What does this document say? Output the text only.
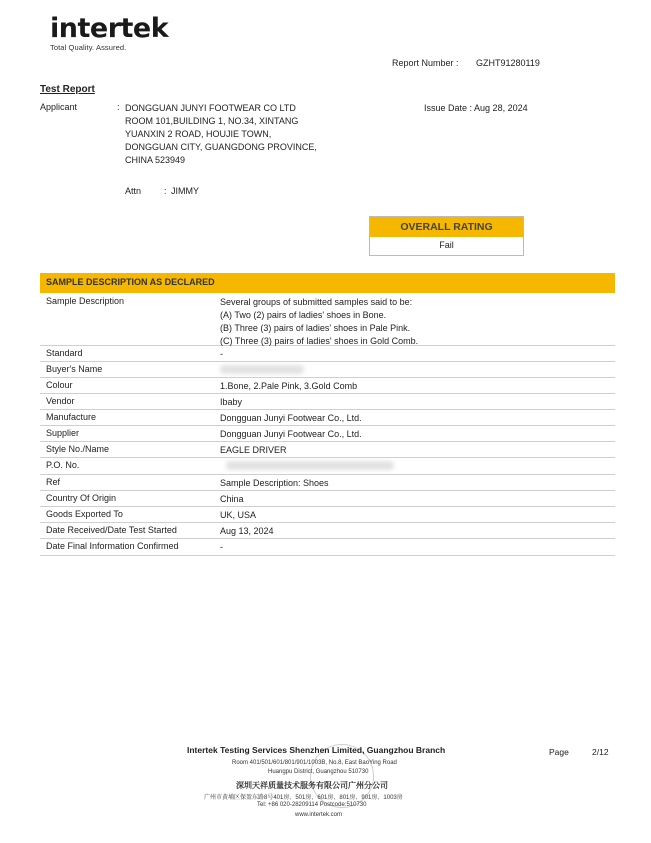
intertek
Total Quality. Assured.
Report Number : GZHT91280119
Test Report
Applicant	: DONGGUAN JUNYI FOOTWEAR CO LTD
ROOM 101,BUILDING 1, NO.34, XINTANG
YUANXIN 2 ROAD, HOUJIE TOWN,
DONGGUAN CITY, GUANGDONG PROVINCE,
CHINA 523949
Issue Date : Aug 28, 2024
Attn	: JIMMY
OVERALL RATING
Fail
SAMPLE DESCRIPTION AS DECLARED
Sample Description	Several groups of submitted samples said to be:
(A) Two (2) pairs of ladies' shoes in Bone.
(B) Three (3) pairs of ladies' shoes in Pale Pink.
(C) Three (3) pairs of ladies' shoes in Gold Comb.
Standard	-
Buyer's Name
Colour	1.Bone, 2.Pale Pink, 3.Gold Comb
Vendor	Ibaby
Manufacture	Dongguan Junyi Footwear Co., Ltd.
Supplier	Dongguan Junyi Footwear Co., Ltd.
Style No./Name	EAGLE DRIVER
P.O. No.
Ref	Sample Description: Shoes
Country Of Origin	China
Goods Exported To	UK, USA
Date Received/Date Test Started	Aug 13, 2024
Date Final Information Confirmed	-
Intertek Testing Services Shenzhen Limited, Guangzhou Branch	Page	2/12
Room 401/501/601/801/901/1003B, No.8, East BaoYing Road
Huangpu District, Guangzhou 510730
深圳天祥质量技术服务有限公司广州分公司
广州市黄埔区保盈东路8号401房、501房、601房、801房、901房、1003房
Tel: +86 020-28209114 Postcode:510730
www.intertek.com
